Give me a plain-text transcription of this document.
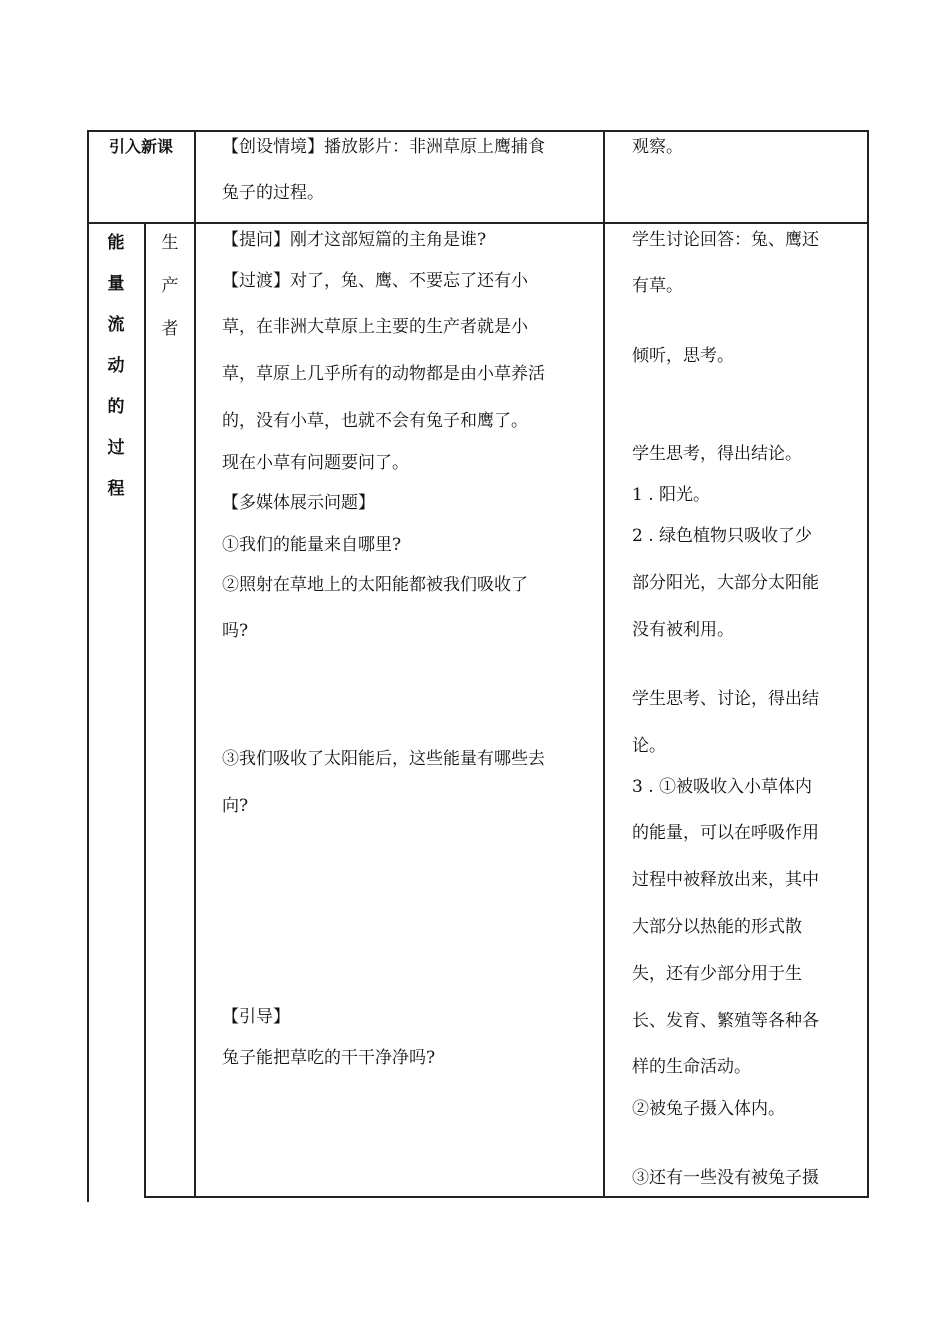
引入新课	【创设情境】播放影片：非洲草原上鹰捕食
兔子的过程。
观察。
能
量
流
动
的
过
程
生
产
者
【提问】刚才这部短篇的主角是谁?
【过渡】对了，兔、鹰、不要忘了还有小
草，在非洲大草原上主要的生产者就是小
草，草原上几乎所有的动物都是由小草养活
的，没有小草，也就不会有兔子和鹰了。
现在小草有问题要问了。
【多媒体展示问题】
①我们的能量来自哪里?
②照射在草地上的太阳能都被我们吸收了
吗?
③我们吸收了太阳能后，这些能量有哪些去
向?
【引导】
兔子能把草吃的干干净净吗?
学生讨论回答：兔、鹰还
有草。
倾听，思考。
学生思考，得出结论。
1 . 阳光。
2 . 绿色植物只吸收了少
部分阳光，大部分太阳能
没有被利用。
学生思考、讨论，得出结
论。
3 . ①被吸收入小草体内
的能量，可以在呼吸作用
过程中被释放出来，其中
大部分以热能的形式散
失，还有少部分用于生
长、发育、繁殖等各种各
样的生命活动。
②被兔子摄入体内。
③还有一些没有被兔子摄
